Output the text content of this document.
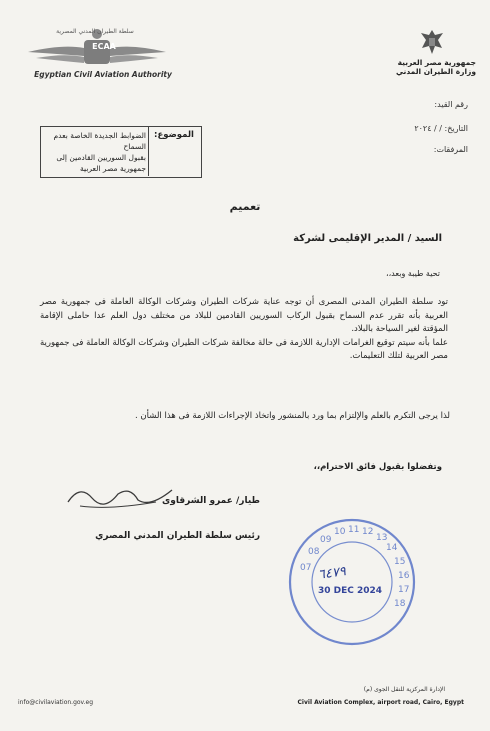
سلطة الطيران المدني المصرية
ECAA
Egyptian Civil Aviation Authority
جمهورية مصر العربية
وزارة الطيران المدني
رقم القيد:
التاريخ: / / ٢٠٢٤
المرفقات:
الموضوع:
الضوابط الجديدة الخاصة بعدم السماح
بقبول السوريين القادمين إلى
جمهورية مصر العربية
تعميم
السيد / المدير الإقليمى لشركة
تحية طيبة وبعد،،

تود سلطة الطيران المدنى المصرى أن توجه عناية شركات الطيران وشركات الوكالة العاملة فى جمهورية مصر العربية بأنه تقرر عدم السماح بقبول الركاب السوريين القادمين للبلاد من مختلف دول العلم عدا حاملى الإقامة المؤقتة لغير السياحة بالبلاد.

علما بأنه سيتم توقيع الغرامات الإدارية اللازمة فى حالة مخالفة شركات الطيران وشركات الوكالة العاملة فى جمهورية مصر العربية لتلك التعليمات.

لذا يرجى التكرم بالعلم والإلتزام بما ورد بالمنشور واتخاذ الإجراءات اللازمة فى هذا الشأن .
وتفضلوا بقبول فائق الاحترام،،
طيار/ عمرو الشرقاوى
رئيس سلطة الطيران المدني المصري
07
08
09
10 11 12
13
14
15
16
17
18
٦٤٧٩
30 DEC 2024
الإدارة المركزية للنقل الجوى (م)
Civil Aviation Complex, airport road, Cairo, Egypt
info@civilaviation.gov.eg
